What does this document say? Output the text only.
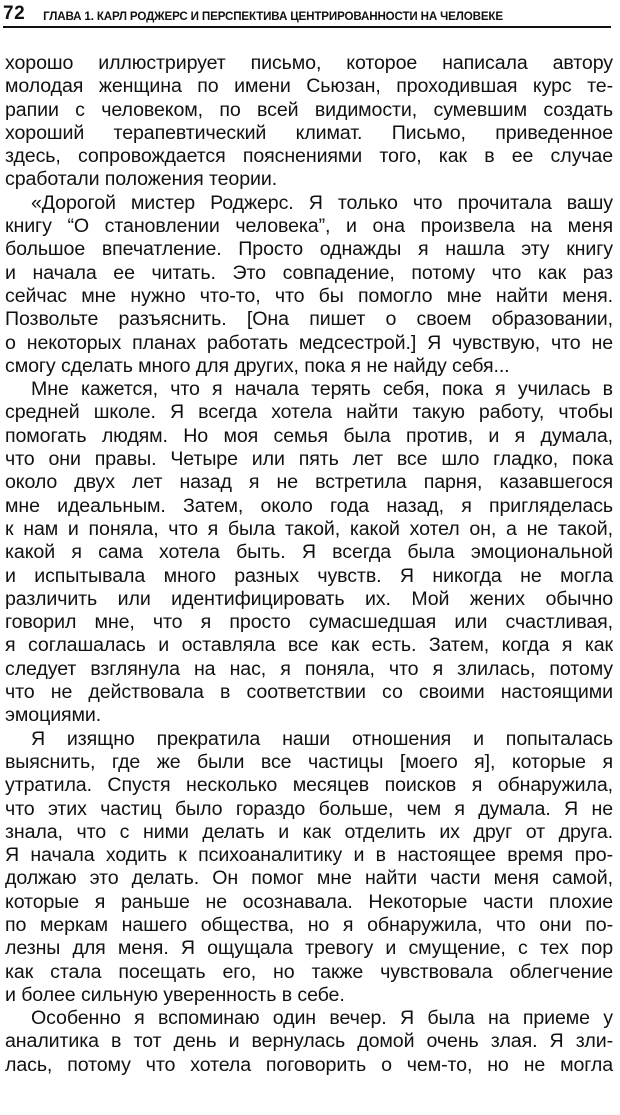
72 ГЛАВА 1. КАРЛ РОДЖЕРС И ПЕРСПЕКТИВА ЦЕНТРИРОВАННОСТИ НА ЧЕЛОВЕКЕ
хорошо иллюстрирует письмо, которое написала автору
молодая женщина по имени Сьюзан, проходившая курс те-
рапии с человеком, по всей видимости, сумевшим создать
хороший терапевтический климат. Письмо, приведенное
здесь, сопровождается пояснениями того, как в ее случае
сработали положения теории.
«Дорогой мистер Роджерс. Я только что прочитала вашу
книгу “О становлении человека”, и она произвела на меня
большое впечатление. Просто однажды я нашла эту книгу
и начала ее читать. Это совпадение, потому что как раз
сейчас мне нужно что-то, что бы помогло мне найти меня.
Позвольте разъяснить. [Она пишет о своем образовании,
о некоторых планах работать медсестрой.] Я чувствую, что не
смогу сделать много для других, пока я не найду себя...
Мне кажется, что я начала терять себя, пока я училась в
средней школе. Я всегда хотела найти такую работу, чтобы
помогать людям. Но моя семья была против, и я думала,
что они правы. Четыре или пять лет все шло гладко, пока
около двух лет назад я не встретила парня, казавшегося
мне идеальным. Затем, около года назад, я пригляделась
к нам и поняла, что я была такой, какой хотел он, а не такой,
какой я сама хотела быть. Я всегда была эмоциональной
и испытывала много разных чувств. Я никогда не могла
различить или идентифицировать их. Мой жених обычно
говорил мне, что я просто сумасшедшая или счастливая,
я соглашалась и оставляла все как есть. Затем, когда я как
следует взглянула на нас, я поняла, что я злилась, потому
что не действовала в соответствии со своими настоящими
эмоциями.
Я изящно прекратила наши отношения и попыталась
выяснить, где же были все частицы [моего я], которые я
утратила. Спустя несколько месяцев поисков я обнаружила,
что этих частиц было гораздо больше, чем я думала. Я не
знала, что с ними делать и как отделить их друг от друга.
Я начала ходить к психоаналитику и в настоящее время про-
должаю это делать. Он помог мне найти части меня самой,
которые я раньше не осознавала. Некоторые части плохие
по меркам нашего общества, но я обнаружила, что они по-
лезны для меня. Я ощущала тревогу и смущение, с тех пор
как стала посещать его, но также чувствовала облегчение
и более сильную уверенность в себе.
Особенно я вспоминаю один вечер. Я была на приеме у
аналитика в тот день и вернулась домой очень злая. Я зли-
лась, потому что хотела поговорить о чем-то, но не могла
